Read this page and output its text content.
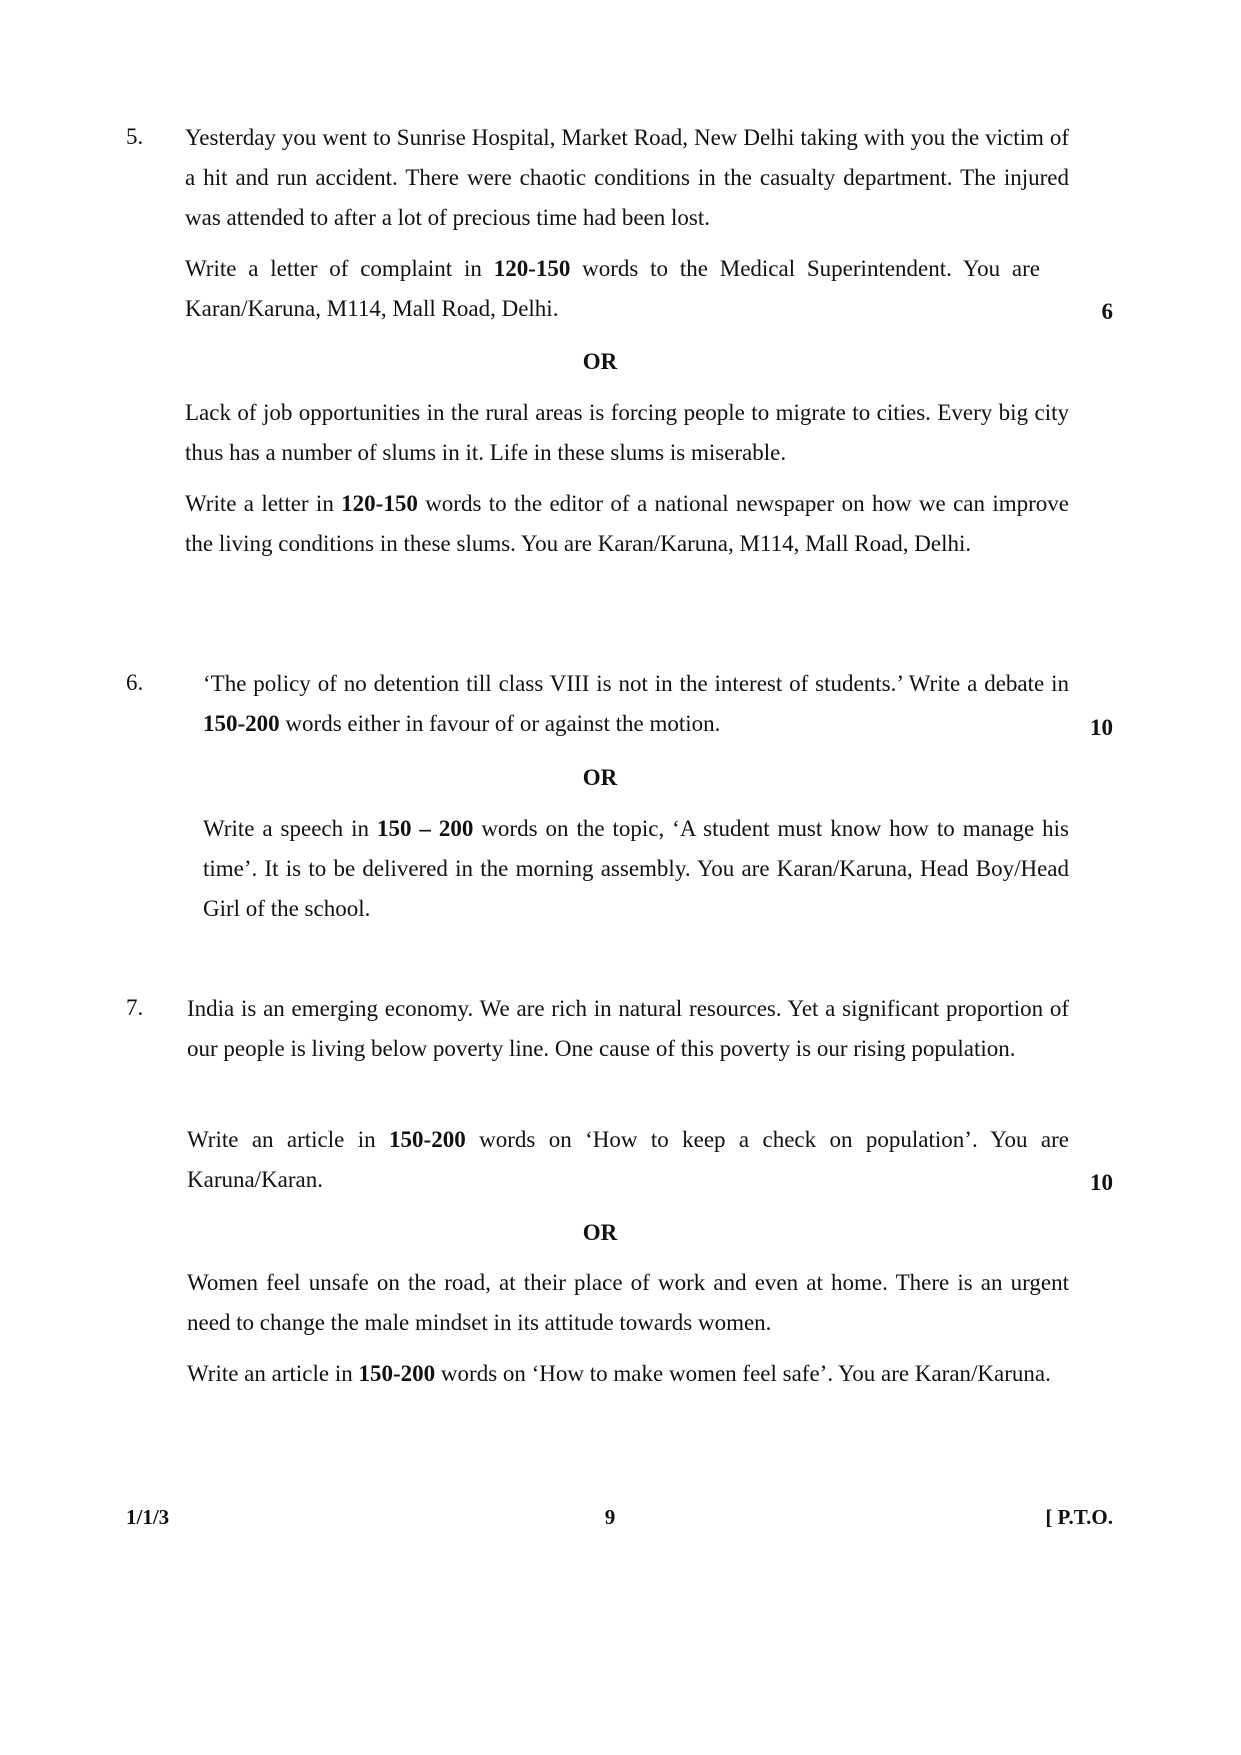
5. Yesterday you went to Sunrise Hospital, Market Road, New Delhi taking with you the victim of a hit and run accident. There were chaotic conditions in the casualty department. The injured was attended to after a lot of precious time had been lost.

Write a letter of complaint in 120-150 words to the Medical Superintendent. You are Karan/Karuna, M114, Mall Road, Delhi.	6
OR

Lack of job opportunities in the rural areas is forcing people to migrate to cities. Every big city thus has a number of slums in it. Life in these slums is miserable.

Write a letter in 120-150 words to the editor of a national newspaper on how we can improve the living conditions in these slums. You are Karan/Karuna, M114, Mall Road, Delhi.

6.	‘The policy of no detention till class VIII is not in the interest of students.’ Write a debate in 150-200 words either in favour of or against the motion.	10
OR

Write a speech in 150 – 200 words on the topic, ‘A student must know how to manage his time’. It is to be delivered in the morning assembly. You are Karan/Karuna, Head Boy/Head Girl of the school.

7. India is an emerging economy. We are rich in natural resources. Yet a significant proportion of our people is living below poverty line. One cause of this poverty is our rising population.

Write an article in 150-200 words on ‘How to keep a check on population’. You are Karuna/Karan.	10
OR

Women feel unsafe on the road, at their place of work and even at home. There is an urgent need to change the male mindset in its attitude towards women.

Write an article in 150-200 words on ‘How to make women feel safe’. You are Karan/Karuna.

1/1/3	9	[ P.T.O.
